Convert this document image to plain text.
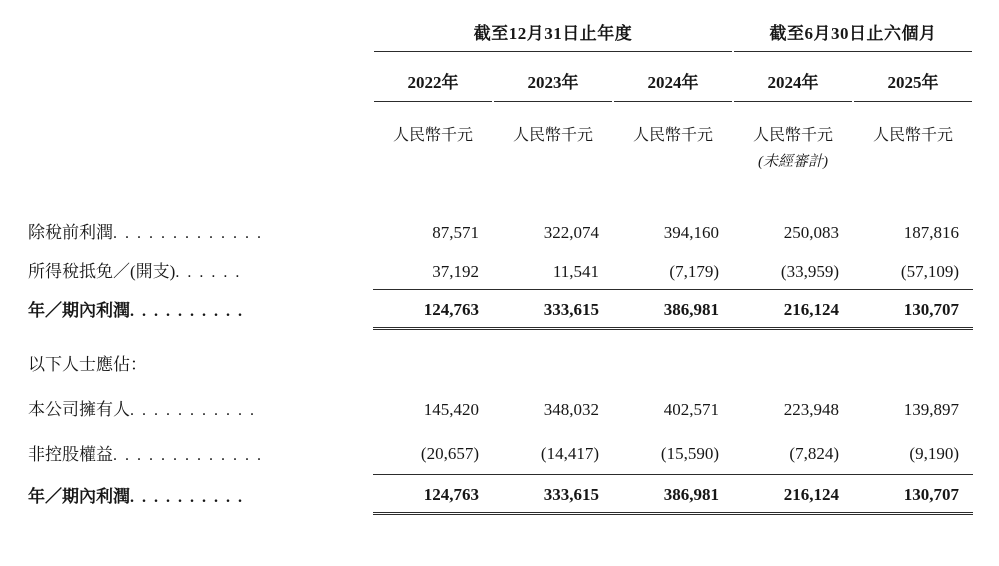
	截至12月31日止年度			截至6月30日止六個月	

	2022年	2023年	2024年	2024年	2025年

	人民幣千元	人民幣千元	人民幣千元	人民幣千元	人民幣千元
				(未經審計)	

除稅前利潤. . . . . . . . . . . . .	87,571	322,074	394,160	250,083	187,816
所得稅抵免／(開支). . . . . .	37,192	11,541	(7,179)	(33,959)	(57,109)
年／期內利潤. . . . . . . . . .	124,763	333,615	386,981	216,124	130,707

以下人士應佔：					
本公司擁有人. . . . . . . . . . .	145,420	348,032	402,571	223,948	139,897
非控股權益. . . . . . . . . . . . .	(20,657)	(14,417)	(15,590)	(7,824)	(9,190)
年／期內利潤. . . . . . . . . .	124,763	333,615	386,981	216,124	130,707
